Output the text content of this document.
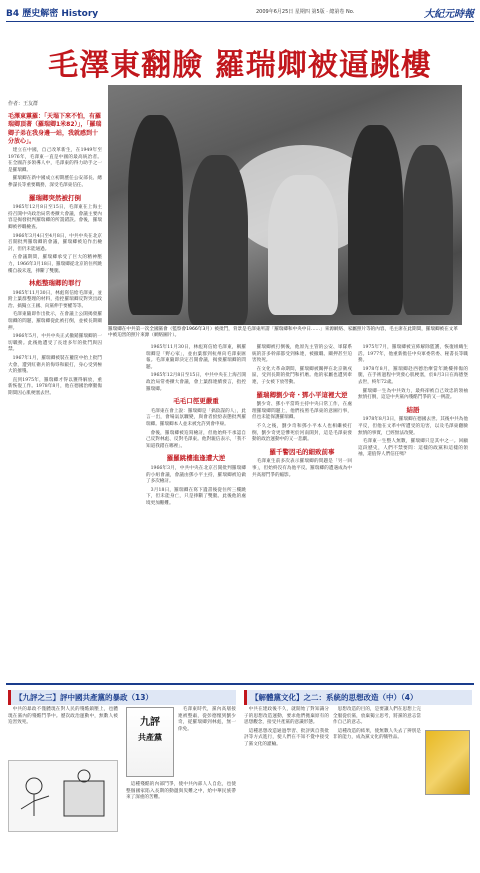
B4 歷史解密 History	2009年6月25日 星期四 第5版 · 總第卷 No.	大紀元時報
毛澤東翻臉 羅瑞卿被逼跳樓
作者：王友群
毛澤東黨羅：「天塌下來不怕，有羅瑞卿頂著（羅瑞卿1米82）」，「羅瑞卿子弟在我身邊一站，我就感到十分放心」。
羅瑞卿在中共第一次全國黨會（監察會1966年3月）被批鬥，背景是毛澤東所謂「羅瑞卿和中央中日……」來源網絡、家屬照片等的內容，毛主席在此期間，羅瑞卿被在文革中被迫害的照片來源（網絡圖片）。

建立在中國，自己改革新生，在1949年至1976年，毛澤東一直是中國的最高統治者。在全國許多領導人中，毛澤東的得力助手之一是羅瑞卿。

羅瑞卿在新中國成立初期歷任公安部長、總參謀長等重要職務，深受毛澤東信任。

羅瑞卿突然被打倒

1965年12月8日至15日，毛澤東在上海主持召開中央政治局常委擴大會議，會議主要內容是揭發批判羅瑞卿的所謂錯誤。會後，羅瑞卿被停職檢查。

1966年3月4日至4月8日，中共中央在北京召開批判羅瑞卿的會議，羅瑞卿被迫作出檢討，但仍未能通過。

在會議期間，羅瑞卿承受了巨大的精神壓力，1966年3月18日，羅瑞卿從北京的住所跳樓自殺未遂，摔斷了雙腿。

林彪整瑞卿的罪行

1965年11月30日，林彪寫信給毛澤東，並附上葉群整理的材料，指控羅瑞卿反對突出政治、搞獨立王國、向黨伸手要權等等。

毛澤東隨即作出批示，在會議上公開揭發羅瑞卿的問題，羅瑞卿從此被打倒，並被長期關押。

1966年5月，中共中央正式撤銷羅瑞卿的一切職務。此後他遭受了長達多年的批鬥與囚禁。

1967年1月，羅瑞卿被裝在籮筐中抬上批鬥大會，遭到紅衛兵的侮辱和毆打，身心受到極大的摧殘。

直到1975年，羅瑞卿才得以獲得解放，重新恢復工作。1978年8月，他在德國治療腿傷期間因心肌梗塞去世。

1965年11月30日，林彪寫信給毛澤東，稱羅瑞卿是「野心家」，並由葉群到杭州向毛澤東匯報。毛澤東隨即決定召開會議，揭發羅瑞卿的問題。

1965年12月8日至15日，中共中央在上海召開政治局常委擴大會議，會上葉群連續發言，指控羅瑞卿。

毛毛口徑更嚴重

毛澤東在會上說：羅瑞卿是「搞陰謀的人」，此言一出，會場氣氛驟變，與會者紛紛表態批判羅瑞卿。羅瑞卿本人並未被允許到會申辯。

會後，羅瑞卿被迫寫檢討，但他始終不承認自己反對林彪、反對毛澤東。他對親信表示，「我不知道我錯在哪裡」。

羅羅跳樓進逢遭大逆

1966年3月，中共中央在北京召開批判羅瑞卿的小組會議，會議由鄧小平主持，羅瑞卿被迫做了多次檢討。

3月18日，羅瑞卿在寫下遺書後從住所三樓跳下，但未能身亡，只是摔斷了雙腿。此後他的處境更加艱難。

羅瑞卿被打倒後，他原先主管的公安、軍隊系統的許多幹部都受到株連，被撤職、關押甚至迫害致死。

在文化大革命期間，羅瑞卿被關押在北京衛戍區，受到長期的批鬥和折磨。他的家屬也遭到牽連，子女被下放勞動。

羅瑞卿劉少奇・鄧小平這裡大逆

劉少奇、鄧小平當時主持中央日常工作，在處理羅瑞卿問題上，他們按照毛澤東的意圖行事，但也未能保護羅瑞卿。

不久之後，劉少奇和鄧小平本人也相繼被打倒，劉少奇更是慘死於河南開封，這是毛澤東發動的政治運動中的又一悲劇。

羅千警因毛的細致前事

毛澤東生前多次表示羅瑞卿的問題是「另一回事」，但始終沒有為他平反。羅瑞卿的遭遇成為中共高層鬥爭的縮影。

1975年7月，羅瑞卿被宣佈解除監護，恢復組織生活。1977年，他重新擔任中央軍委常委、秘書長等職務。

1978年8月，羅瑞卿赴西德治療當年跳樓摔傷的腿，在手術過程中突發心肌梗塞，於8月3日在海德堡去世，終年72歲。

羅瑞卿一生為中共效力，最終卻被自己效忠的領袖無情打倒，這是中共黨內殘酷鬥爭的又一例證。

結語

1978年8月3日，羅瑞卿在德國去世。其後中共為他平反，但他在文革中所遭受的迫害，以及毛澤東翻臉無情的事實，已經無法改變。

毛澤東一生整人無數，羅瑞卿只是其中之一。回顧這段歷史，人們不禁要問：這樣的政黨和這樣的領袖，還值得人們信任嗎？

【九評之三】評中國共產黨的暴政（13）

中共的暴政不僅體現在對人民的殘酷鎮壓上，也體現在黨內的殘酷鬥爭中。歷次政治運動中，無數人被迫害致死。	九評
共產黨

毛澤東時代，黨內高層接連被整肅，從彭德懷到劉少奇，從羅瑞卿到林彪，無一倖免。

這種殘酷的內部鬥爭，使中共內部人人自危，也使整個國家陷入長期的動盪與災難之中，給中華民族帶來了深重的苦難。

【解體黨文化】之二：系統的思想改造（中）（4）

中共在建政後不久，就開始了對知識分子的思想改造運動，要求他們拋棄原有的思想觀念，接受共產黨的意識形態。

這種思想改造通過學習、批評與自我批評等方式進行，使人們在不知不覺中接受了黨文化的灌輸。

思想改造的目的，是要讓人們在思想上完全服從於黨，放棄獨立思考，將黨的意志當作自己的意志。

這種改造的結果，使無數人失去了辨別是非的能力，成為黨文化的犧牲品。
